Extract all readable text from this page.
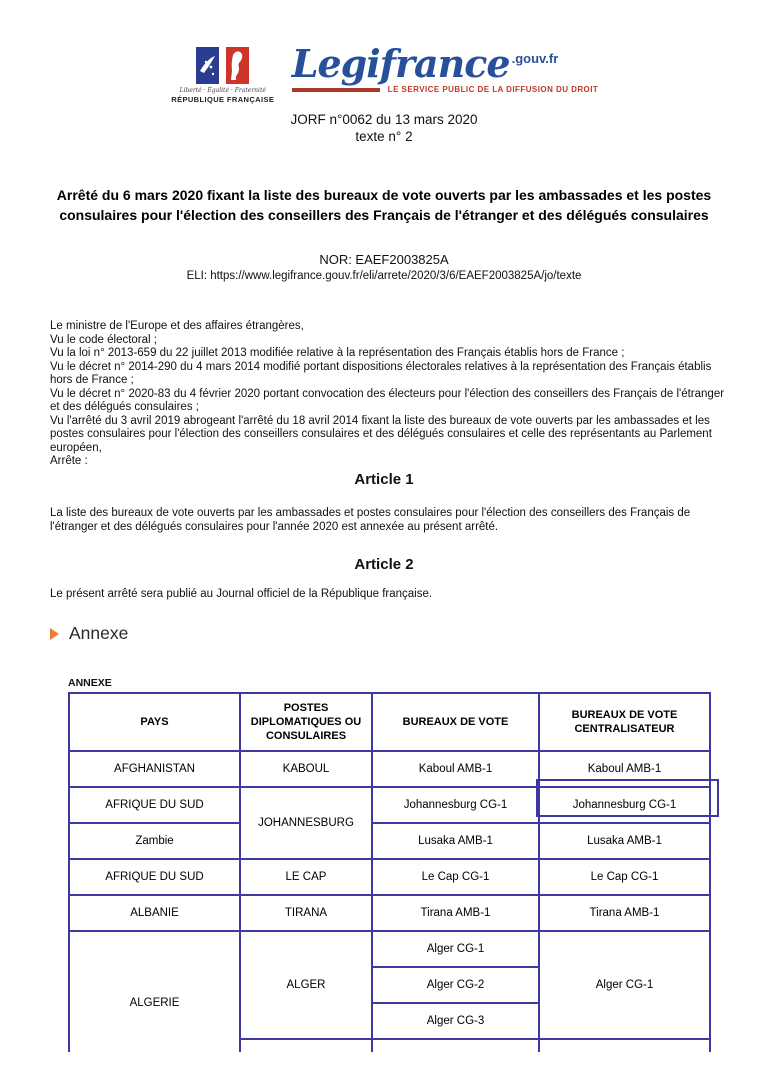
Liberté · Égalité · Fraternité
RÉPUBLIQUE FRANÇAISE
Legifrance .gouv.fr
LE SERVICE PUBLIC DE LA DIFFUSION DU DROIT
JORF n°0062 du 13 mars 2020
texte n° 2
Arrêté du 6 mars 2020 fixant la liste des bureaux de vote ouverts par les ambassades et les postes consulaires pour l'élection des conseillers des Français de l'étranger et des délégués consulaires
NOR: EAEF2003825A
ELI: https://www.legifrance.gouv.fr/eli/arrete/2020/3/6/EAEF2003825A/jo/texte
Le ministre de l'Europe et des affaires étrangères,
Vu le code électoral ;
Vu la loi n° 2013-659 du 22 juillet 2013 modifiée relative à la représentation des Français établis hors de France ;
Vu le décret n° 2014-290 du 4 mars 2014 modifié portant dispositions électorales relatives à la représentation des Français établis hors de France ;
Vu le décret n° 2020-83 du 4 février 2020 portant convocation des électeurs pour l'élection des conseillers des Français de l'étranger et des délégués consulaires ;
Vu l'arrêté du 3 avril 2019 abrogeant l'arrêté du 18 avril 2014 fixant la liste des bureaux de vote ouverts par les ambassades et les postes consulaires pour l'élection des conseillers consulaires et des délégués consulaires et celle des représentants au Parlement européen,
Arrête :
Article 1
La liste des bureaux de vote ouverts par les ambassades et postes consulaires pour l'élection des conseillers des Français de l'étranger et des délégués consulaires pour l'année 2020 est annexée au présent arrêté.
Article 2
Le présent arrêté sera publié au Journal officiel de la République française.
Annexe
ANNEXE
PAYS	POSTES DIPLOMATIQUES OU CONSULAIRES	BUREAUX DE VOTE	BUREAUX DE VOTE CENTRALISATEUR
AFGHANISTAN	KABOUL	Kaboul AMB-1	Kaboul AMB-1
AFRIQUE DU SUD	JOHANNESBURG	Johannesburg CG-1	Johannesburg CG-1
Zambie		Lusaka AMB-1	Lusaka AMB-1
AFRIQUE DU SUD	LE CAP	Le Cap CG-1	Le Cap CG-1
ALBANIE	TIRANA	Tirana AMB-1	Tirana AMB-1
ALGERIE	ALGER	Alger CG-1	Alger CG-1
		Alger CG-2	
		Alger CG-3	
